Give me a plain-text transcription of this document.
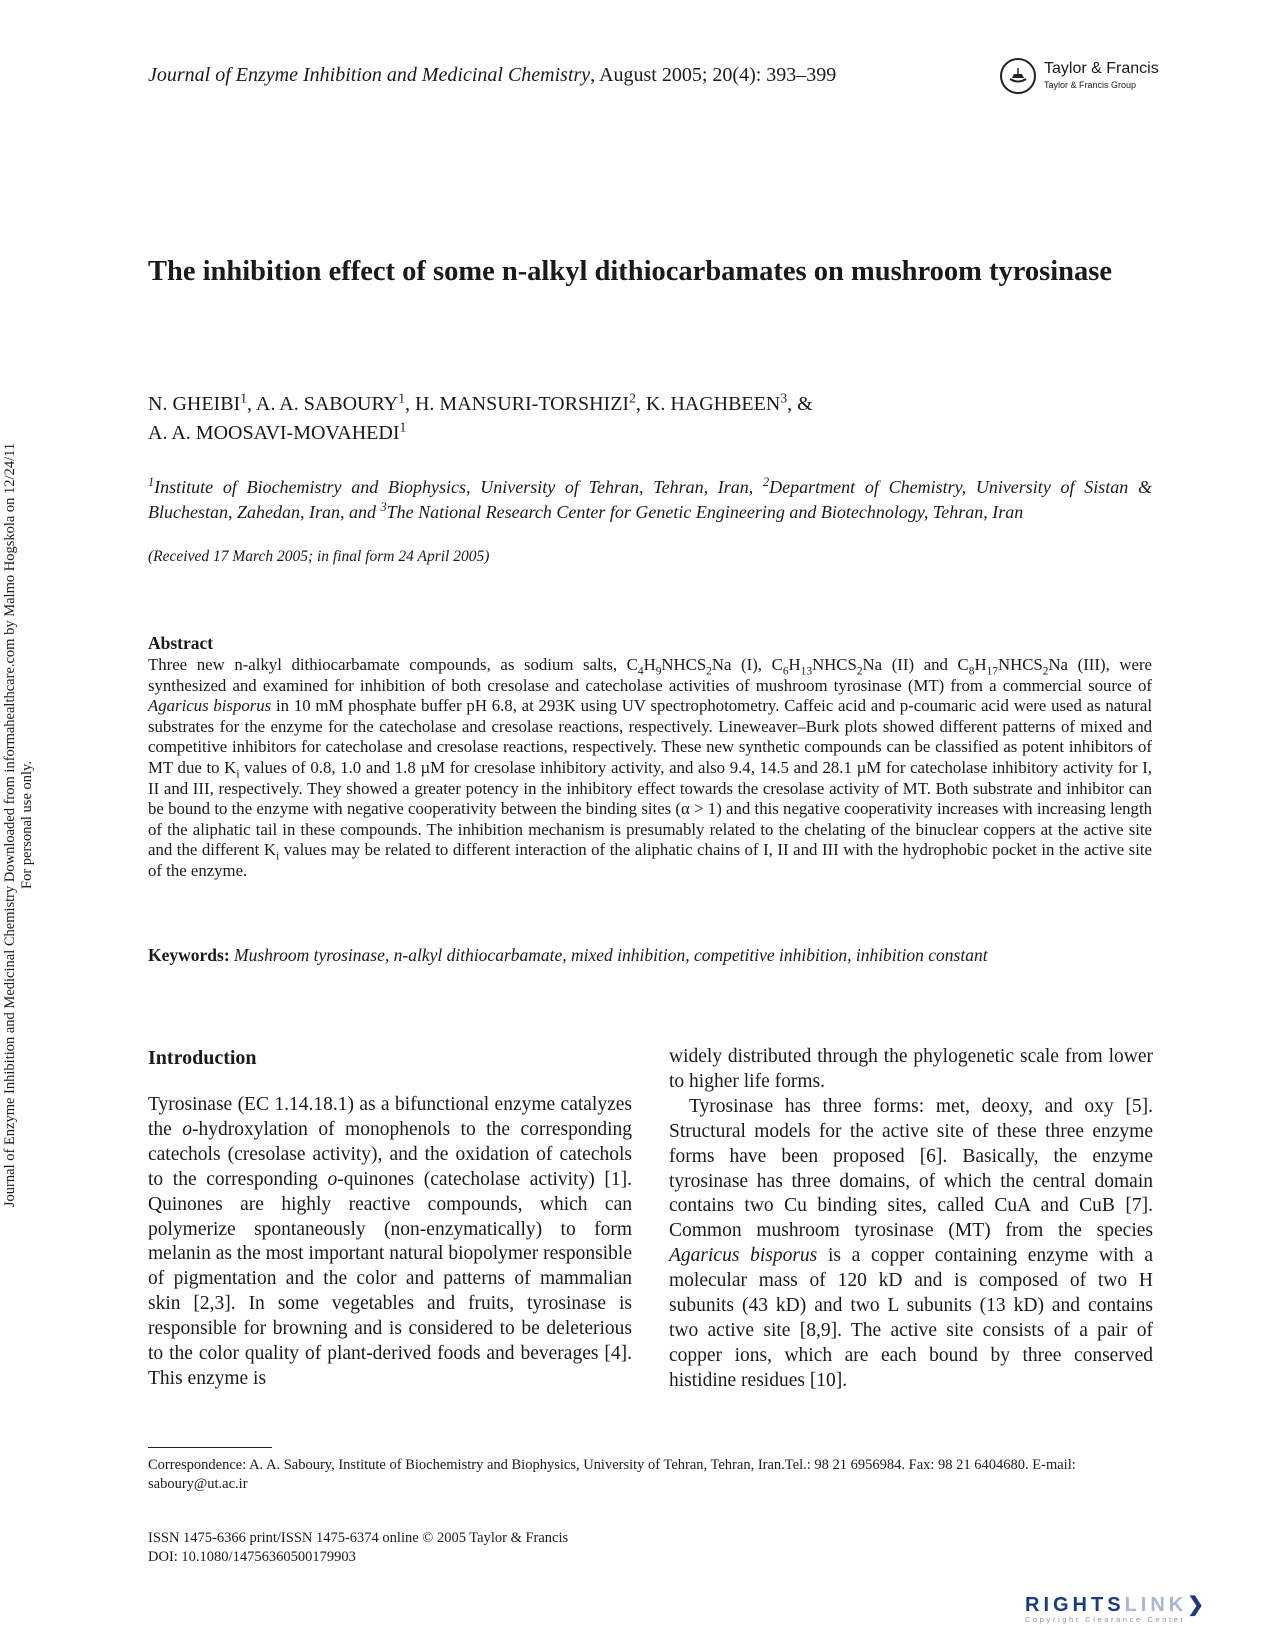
Journal of Enzyme Inhibition and Medicinal Chemistry, August 2005; 20(4): 393–399	Taylor & Francis
Taylor & Francis Group
Journal of Enzyme Inhibition and Medicinal Chemistry Downloaded from informahealthcare.com by Malmo Hogskola on 12/24/11 For personal use only.
The inhibition effect of some n-alkyl dithiocarbamates on mushroom tyrosinase
N. GHEIBI$^1$, A. A. SABOURY$^1$, H. MANSURI-TORSHIZI$^2$, K. HAGHBEEN$^3$, &
A. A. MOOSAVI-MOVAHEDI$^1$
$^1$Institute of Biochemistry and Biophysics, University of Tehran, Tehran, Iran, $^2$Department of Chemistry, University of Sistan & Bluchestan, Zahedan, Iran, and $^3$The National Research Center for Genetic Engineering and Biotechnology, Tehran, Iran
(Received 17 March 2005; in final form 24 April 2005)
Abstract
Three new n-alkyl dithiocarbamate compounds, as sodium salts, $C_4H_9NHCS_2Na$ (I), $C_6H_{13}NHCS_2Na$ (II) and $C_8H_{17}NHCS_2Na$ (III), were synthesized and examined for inhibition of both cresolase and catecholase activities of mushroom tyrosinase (MT) from a commercial source of Agaricus bisporus in 10 mM phosphate buffer pH 6.8, at 293K using UV spectrophotometry. Caffeic acid and p-coumaric acid were used as natural substrates for the enzyme for the catecholase and cresolase reactions, respectively. Lineweaver–Burk plots showed different patterns of mixed and competitive inhibitors for catecholase and cresolase reactions, respectively. These new synthetic compounds can be classified as potent inhibitors of MT due to $K_i$ values of 0.8, 1.0 and 1.8 µM for cresolase inhibitory activity, and also 9.4, 14.5 and 28.1 µM for catecholase inhibitory activity for I, II and III, respectively. They showed a greater potency in the inhibitory effect towards the cresolase activity of MT. Both substrate and inhibitor can be bound to the enzyme with negative cooperativity between the binding sites (α > 1) and this negative cooperativity increases with increasing length of the aliphatic tail in these compounds. The inhibition mechanism is presumably related to the chelating of the binuclear coppers at the active site and the different $K_i$ values may be related to different interaction of the aliphatic chains of I, II and III with the hydrophobic pocket in the active site of the enzyme.
Keywords: Mushroom tyrosinase, n-alkyl dithiocarbamate, mixed inhibition, competitive inhibition, inhibition constant
Introduction
Tyrosinase (EC 1.14.18.1) as a bifunctional enzyme catalyzes the o-hydroxylation of monophenols to the corresponding catechols (cresolase activity), and the oxidation of catechols to the corresponding o-quinones (catecholase activity) [1]. Quinones are highly reactive compounds, which can polymerize spontaneously (non-enzymatically) to form melanin as the most important natural biopolymer responsible of pigmentation and the color and patterns of mammalian skin [2,3]. In some vegetables and fruits, tyrosinase is responsible for browning and is considered to be deleterious to the color quality of plant-derived foods and beverages [4]. This enzyme is

widely distributed through the phylogenetic scale from lower to higher life forms.

Tyrosinase has three forms: met, deoxy, and oxy [5]. Structural models for the active site of these three enzyme forms have been proposed [6]. Basically, the enzyme tyrosinase has three domains, of which the central domain contains two Cu binding sites, called CuA and CuB [7]. Common mushroom tyrosinase (MT) from the species Agaricus bisporus is a copper containing enzyme with a molecular mass of 120 kD and is composed of two H subunits (43 kD) and two L subunits (13 kD) and contains two active site [8,9]. The active site consists of a pair of copper ions, which are each bound by three conserved histidine residues [10].

Correspondence: A. A. Saboury, Institute of Biochemistry and Biophysics, University of Tehran, Tehran, Iran.Tel.: 98 21 6956984. Fax: 98 21 6404680. E-mail: saboury@ut.ac.ir
ISSN 1475-6366 print/ISSN 1475-6374 online © 2005 Taylor & Francis
DOI: 10.1080/14756360500179903
RIGHTSLINK❯
Copyright Clearance Center
